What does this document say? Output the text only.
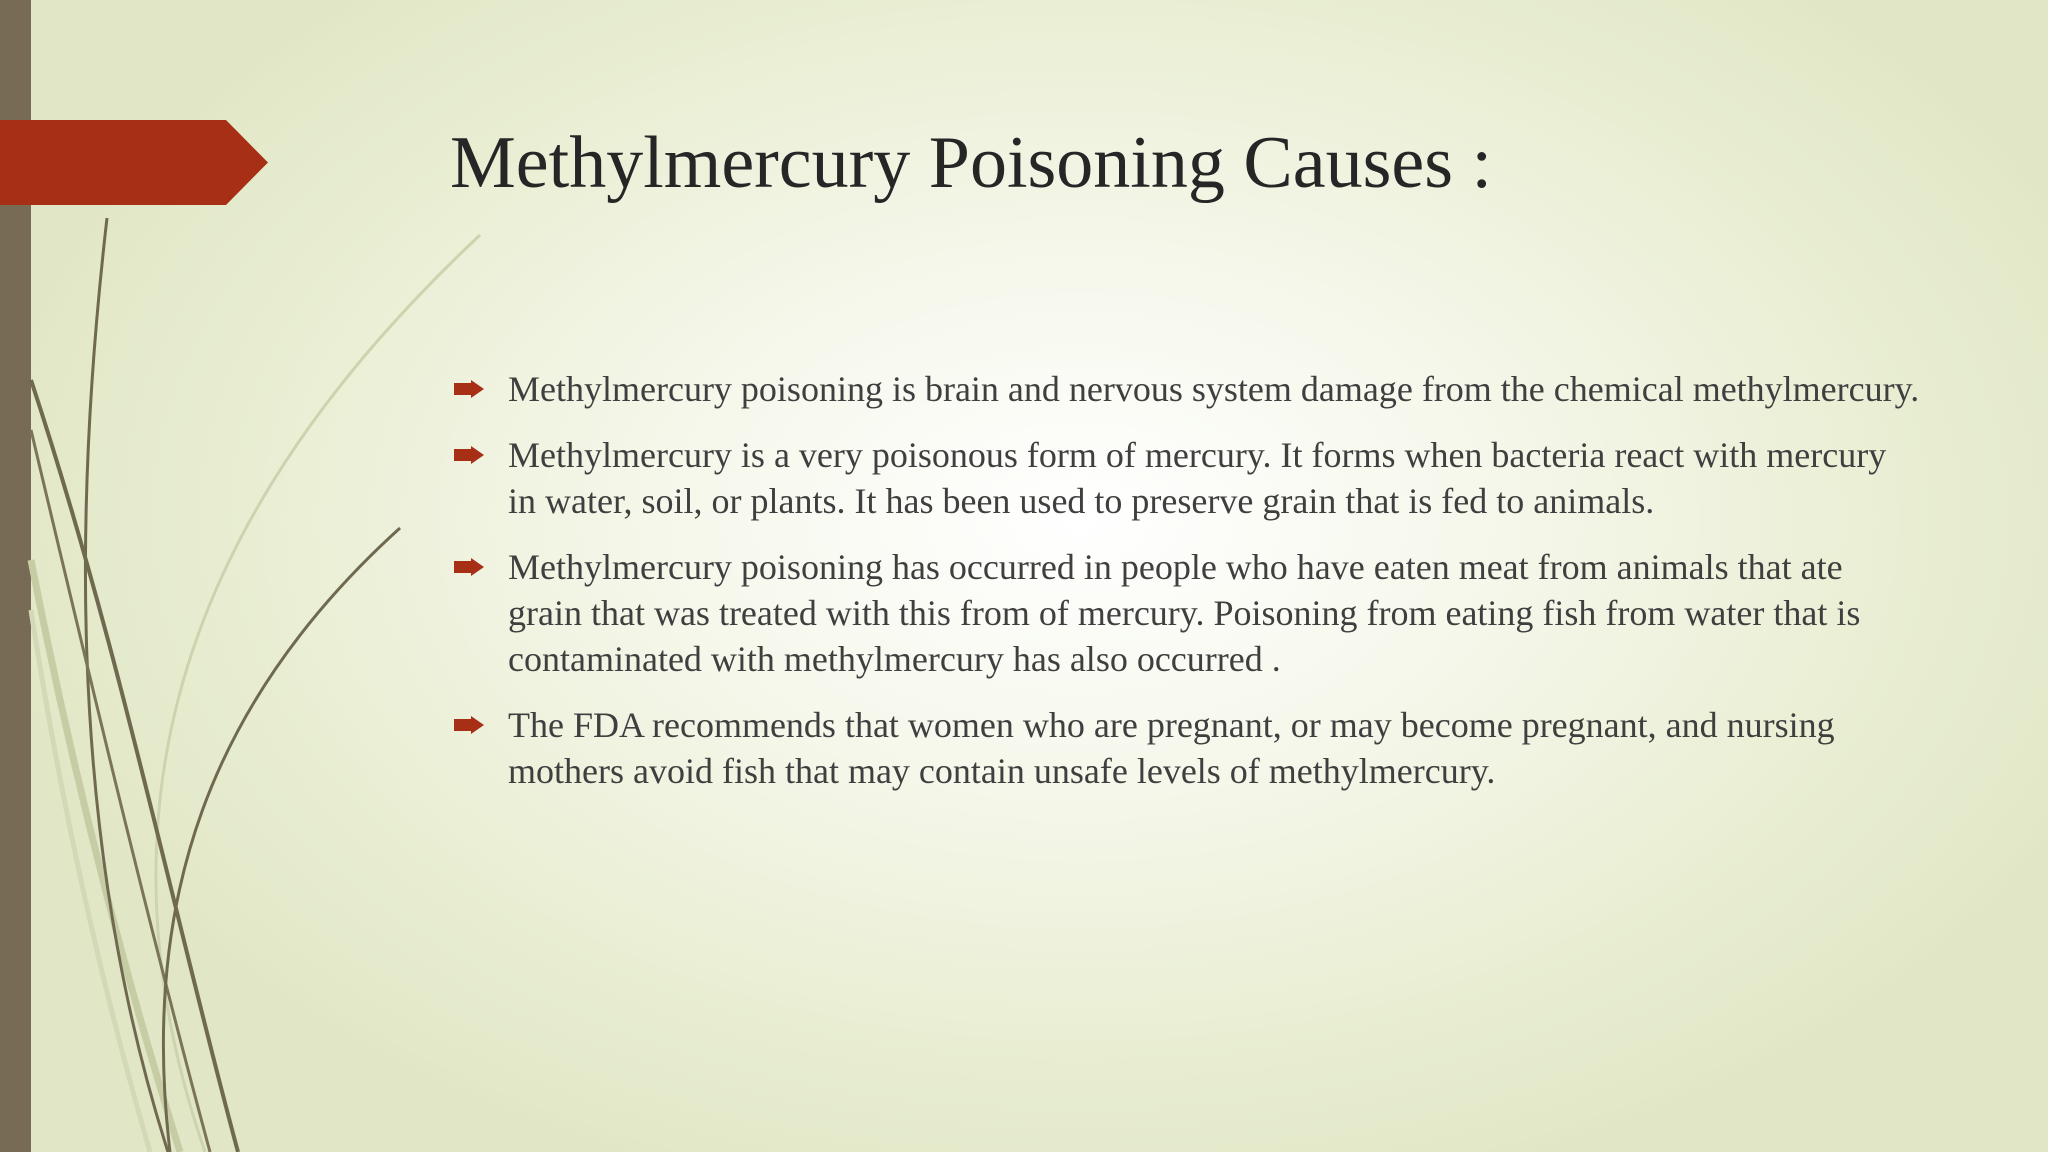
Methylmercury Poisoning Causes :
Methylmercury poisoning is brain and nervous system damage from the chemical methylmercury.
Methylmercury is a very poisonous form of mercury. It forms when bacteria react with mercury in water, soil, or plants. It has been used to preserve grain that is fed to animals.
Methylmercury poisoning has occurred in people who have eaten meat from animals that ate grain that was treated with this from of mercury. Poisoning from eating fish from water that is contaminated with methylmercury has also occurred .
The FDA recommends that women who are pregnant, or may become pregnant, and nursing mothers avoid fish that may contain unsafe levels of methylmercury.
